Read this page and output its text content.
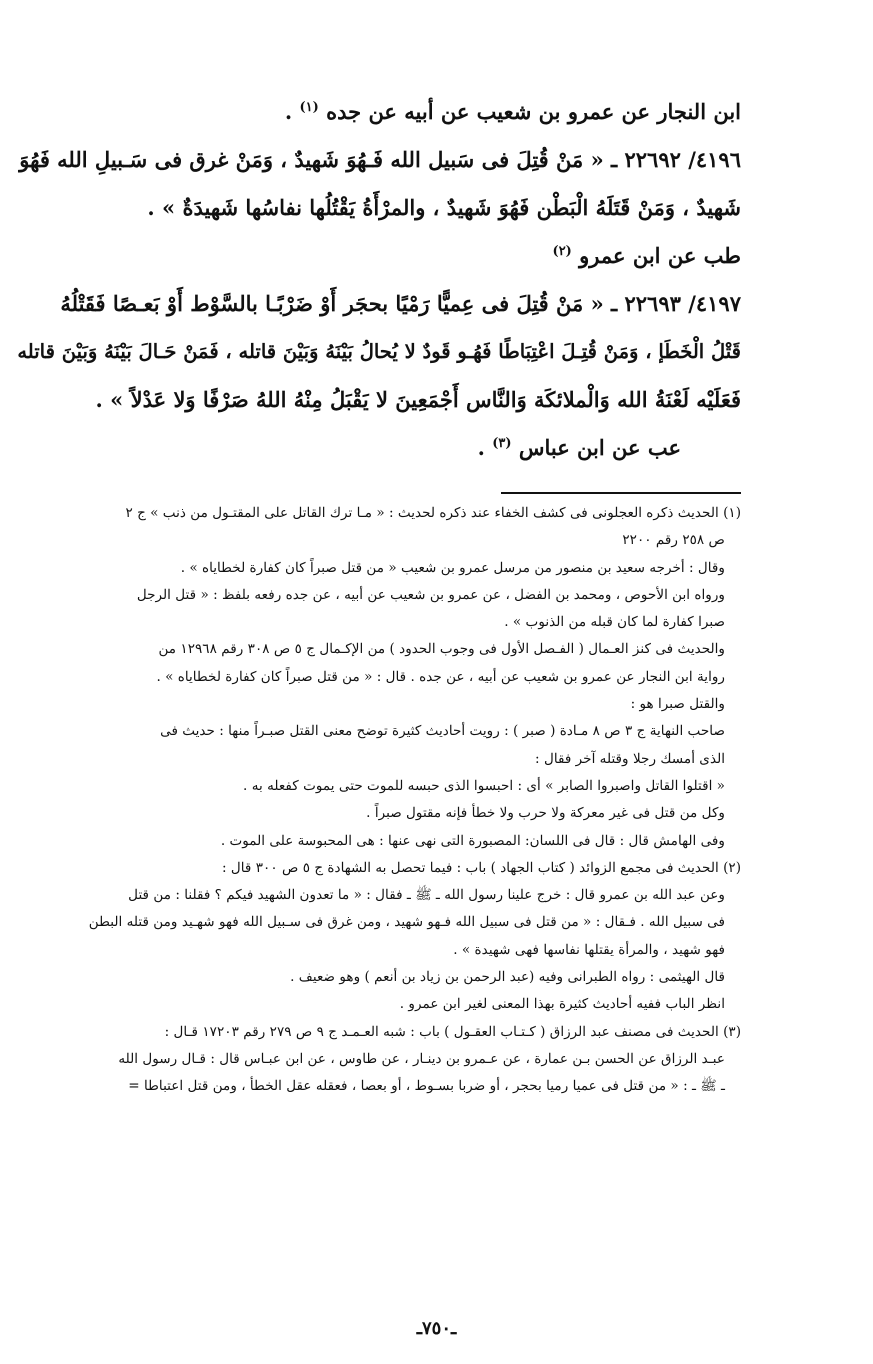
ابن النجار عن عمرو بن شعيب عن أبيه عن جده $^{(١)}$ .
٤١٩٦/ ٢٢٦٩٢ ـ « مَنْ قُتِلَ فى سَبيل الله فَـهُوَ شَهيدٌ ، وَمَنْ غرق فى سَـبيلِ الله فَهُوَ
شَهيدٌ ، وَمَنْ قَتَلَهُ الْبَطْن فَهُوَ شَهيدٌ ، والمرْأَةُ يَقْتُلُها نفاسُها شَهيدَةٌ » .
طب عن ابن عمرو $^{(٢)}$
٤١٩٧/ ٢٢٦٩٣ ـ « مَنْ قُتِلَ فى عِميًّا رَمْيًا بحجَر أَوْ ضَرْبًـا بالسَّوْط أَوْ بَعـصًا فَقَتْلُهُ
قَتْلُ الْخَطَإ ، وَمَنْ قُتِـلَ اعْتِبَاطًا فَهُـو قَودٌ لا يُحالُ بَيْنَهُ وَبَيْنَ قاتله ، فَمَنْ حَـالَ بَيْنَهُ وَبَيْنَ قاتله
فَعَلَيْه لَعْنَةُ الله وَالْملائكَة وَالنَّاس أَجْمَعِينَ لا يَقْبَلُ مِنْهُ اللهُ صَرْفًا وَلا عَدْلاً » .
عب عن ابن عباس $^{(٣)}$ .
(١) الحديث ذكره العجلونى فى كشف الخفاء عند ذكره لحديث : « مـا ترك القاتل على المقتـول من ذنب » ج ٢
ص ٢٥٨ رقم ٢٢٠٠
وقال : أخرجه سعيد بن منصور من مرسل عمرو بن شعيب « من قتل صبراً كان كفارة لخطاياه » .
ورواه ابن الأحوص ، ومحمد بن الفضل ، عن عمرو بن شعيب عن أبيه ، عن جده رفعه بلفظ : « قتل الرجل
صبرا كفارة لما كان قبله من الذنوب » .
والحديث فى كنز العـمال ( الفـصل الأول فى وجوب الحدود ) من الإكـمال ج ٥ ص ٣٠٨ رقم ١٢٩٦٨ من
رواية ابن النجار عن عمرو بن شعيب عن أبيه ، عن جده . قال : « من قتل صبراً كان كفارة لخطاياه » .
والقتل صبرا هو :
صاحب النهاية ج ٣ ص ٨ مـادة ( صبر ) : رويت أحاديث كثيرة توضح معنى القتل صبـراً منها : حديث فى
الذى أمسك رجلا وقتله آخر فقال :
« اقتلوا القاتل واصبروا الصابر » أى : احبسوا الذى حبسه للموت حتى يموت كفعله به .
وكل من قتل فى غير معركة ولا حرب ولا خطأ فإنه مقتول صبراً .
وفى الهامش قال : قال فى اللسان: المصبورة التى نهى عنها : هى المحبوسة على الموت .
(٢) الحديث فى مجمع الزوائد ( كتاب الجهاد ) باب : فيما تحصل به الشهادة ج ٥ ص ٣٠٠ قال :
وعن عبد الله بن عمرو قال : خرج علينا رسول الله ـ ﷺ ـ فقال : « ما تعدون الشهيد فيكم ؟ فقلنا : من قتل
فى سبيل الله . فـقال : « من قتل فى سبيل الله فـهو شهيد ، ومن غرق فى سـبيل الله فهو شهـيد ومن قتله البطن
فهو شهيد ، والمرأة يقتلها نفاسها فهى شهيدة » .
قال الهيثمى : رواه الطبرانى وفيه (عبد الرحمن بن زياد بن أنعم ) وهو ضعيف .
انظر الباب ففيه أحاديث كثيرة بهذا المعنى لغير ابن عمرو .
(٣) الحديث فى مصنف عبد الرزاق ( كـتـاب العقـول ) باب : شبه العـمـد ج ٩ ص ٢٧٩ رقم ١٧٢٠٣ قـال :
عبـد الرزاق عن الحسن بـن عمارة ، عن عـمرو بن دينـار ، عن طاوس ، عن ابن عبـاس قال : قـال رسول الله
ـ ﷺ ـ : « من قتل فى عميا رميا بحجر ، أو ضربا بسـوط ، أو بعصا ، فعقله عقل الخطأ ، ومن قتل اعتباطا =
ـ٧٥٠ـ
